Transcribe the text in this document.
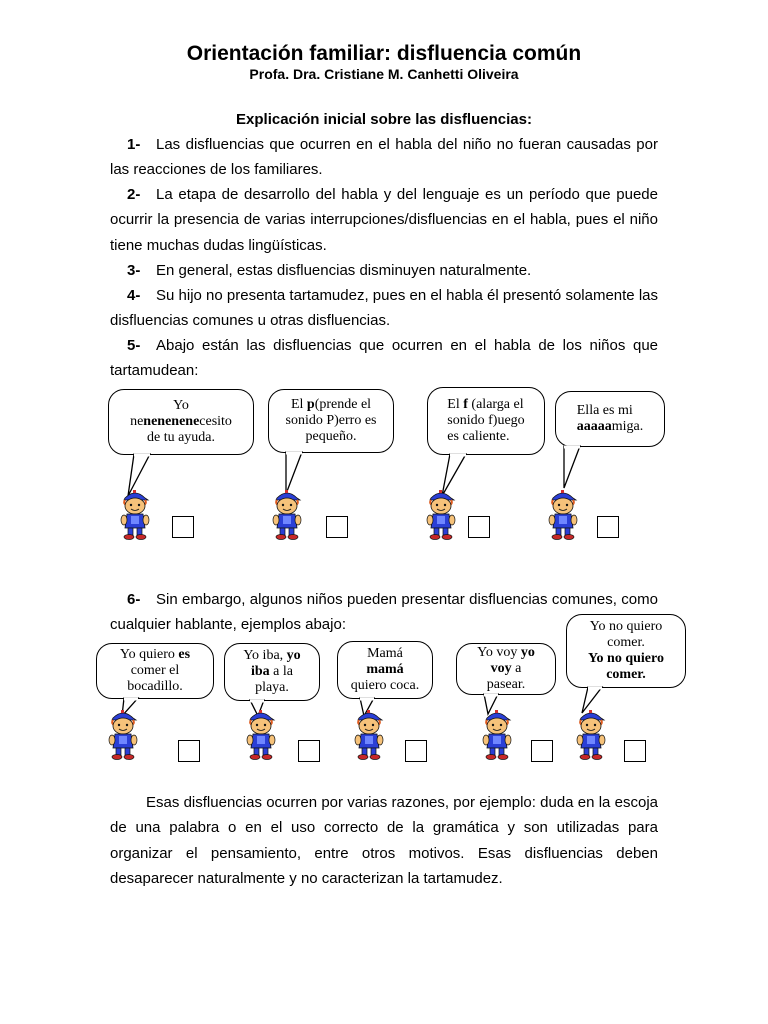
Orientación familiar: disfluencia común
Profa. Dra. Cristiane M. Canhetti Oliveira
Explicación inicial sobre las disfluencias:
1- Las disfluencias que ocurren en el habla del niño no fueran causadas por las reacciones de los familiares.
2- La etapa de desarrollo del habla y del lenguaje es un período que puede ocurrir la presencia de varias interrupciones/disfluencias en el habla, pues el niño tiene muchas dudas lingüísticas.
3- En general, estas disfluencias disminuyen naturalmente.
4- Su hijo no presenta tartamudez, pues en el habla él presentó solamente las disfluencias comunes u otras disfluencias.
5- Abajo están las disfluencias que ocurren en el habla de los niños que tartamudean:
Yo
nenenenenecesito
de tu ayuda.
El p(prende el
sonido P)erro es
pequeño.
El f (alarga el
sonido f)uego
es caliente.
Ella es mi
aaaaamiga.
6- Sin embargo, algunos niños pueden presentar disfluencias comunes, como cualquier hablante, ejemplos abajo:
Yo quiero es
comer el
bocadillo.
Yo iba, yo
iba a la
playa.
Mamá
mamá
quiero coca.
Yo voy yo
voy a
pasear.
Yo no quiero
comer.
Yo no quiero
comer.
Esas disfluencias ocurren por varias razones, por ejemplo: duda en la escoja de una palabra o en el uso correcto de la gramática y son utilizadas para organizar el pensamiento, entre otros motivos. Esas disfluencias deben desaparecer naturalmente y no caracterizan la tartamudez.
